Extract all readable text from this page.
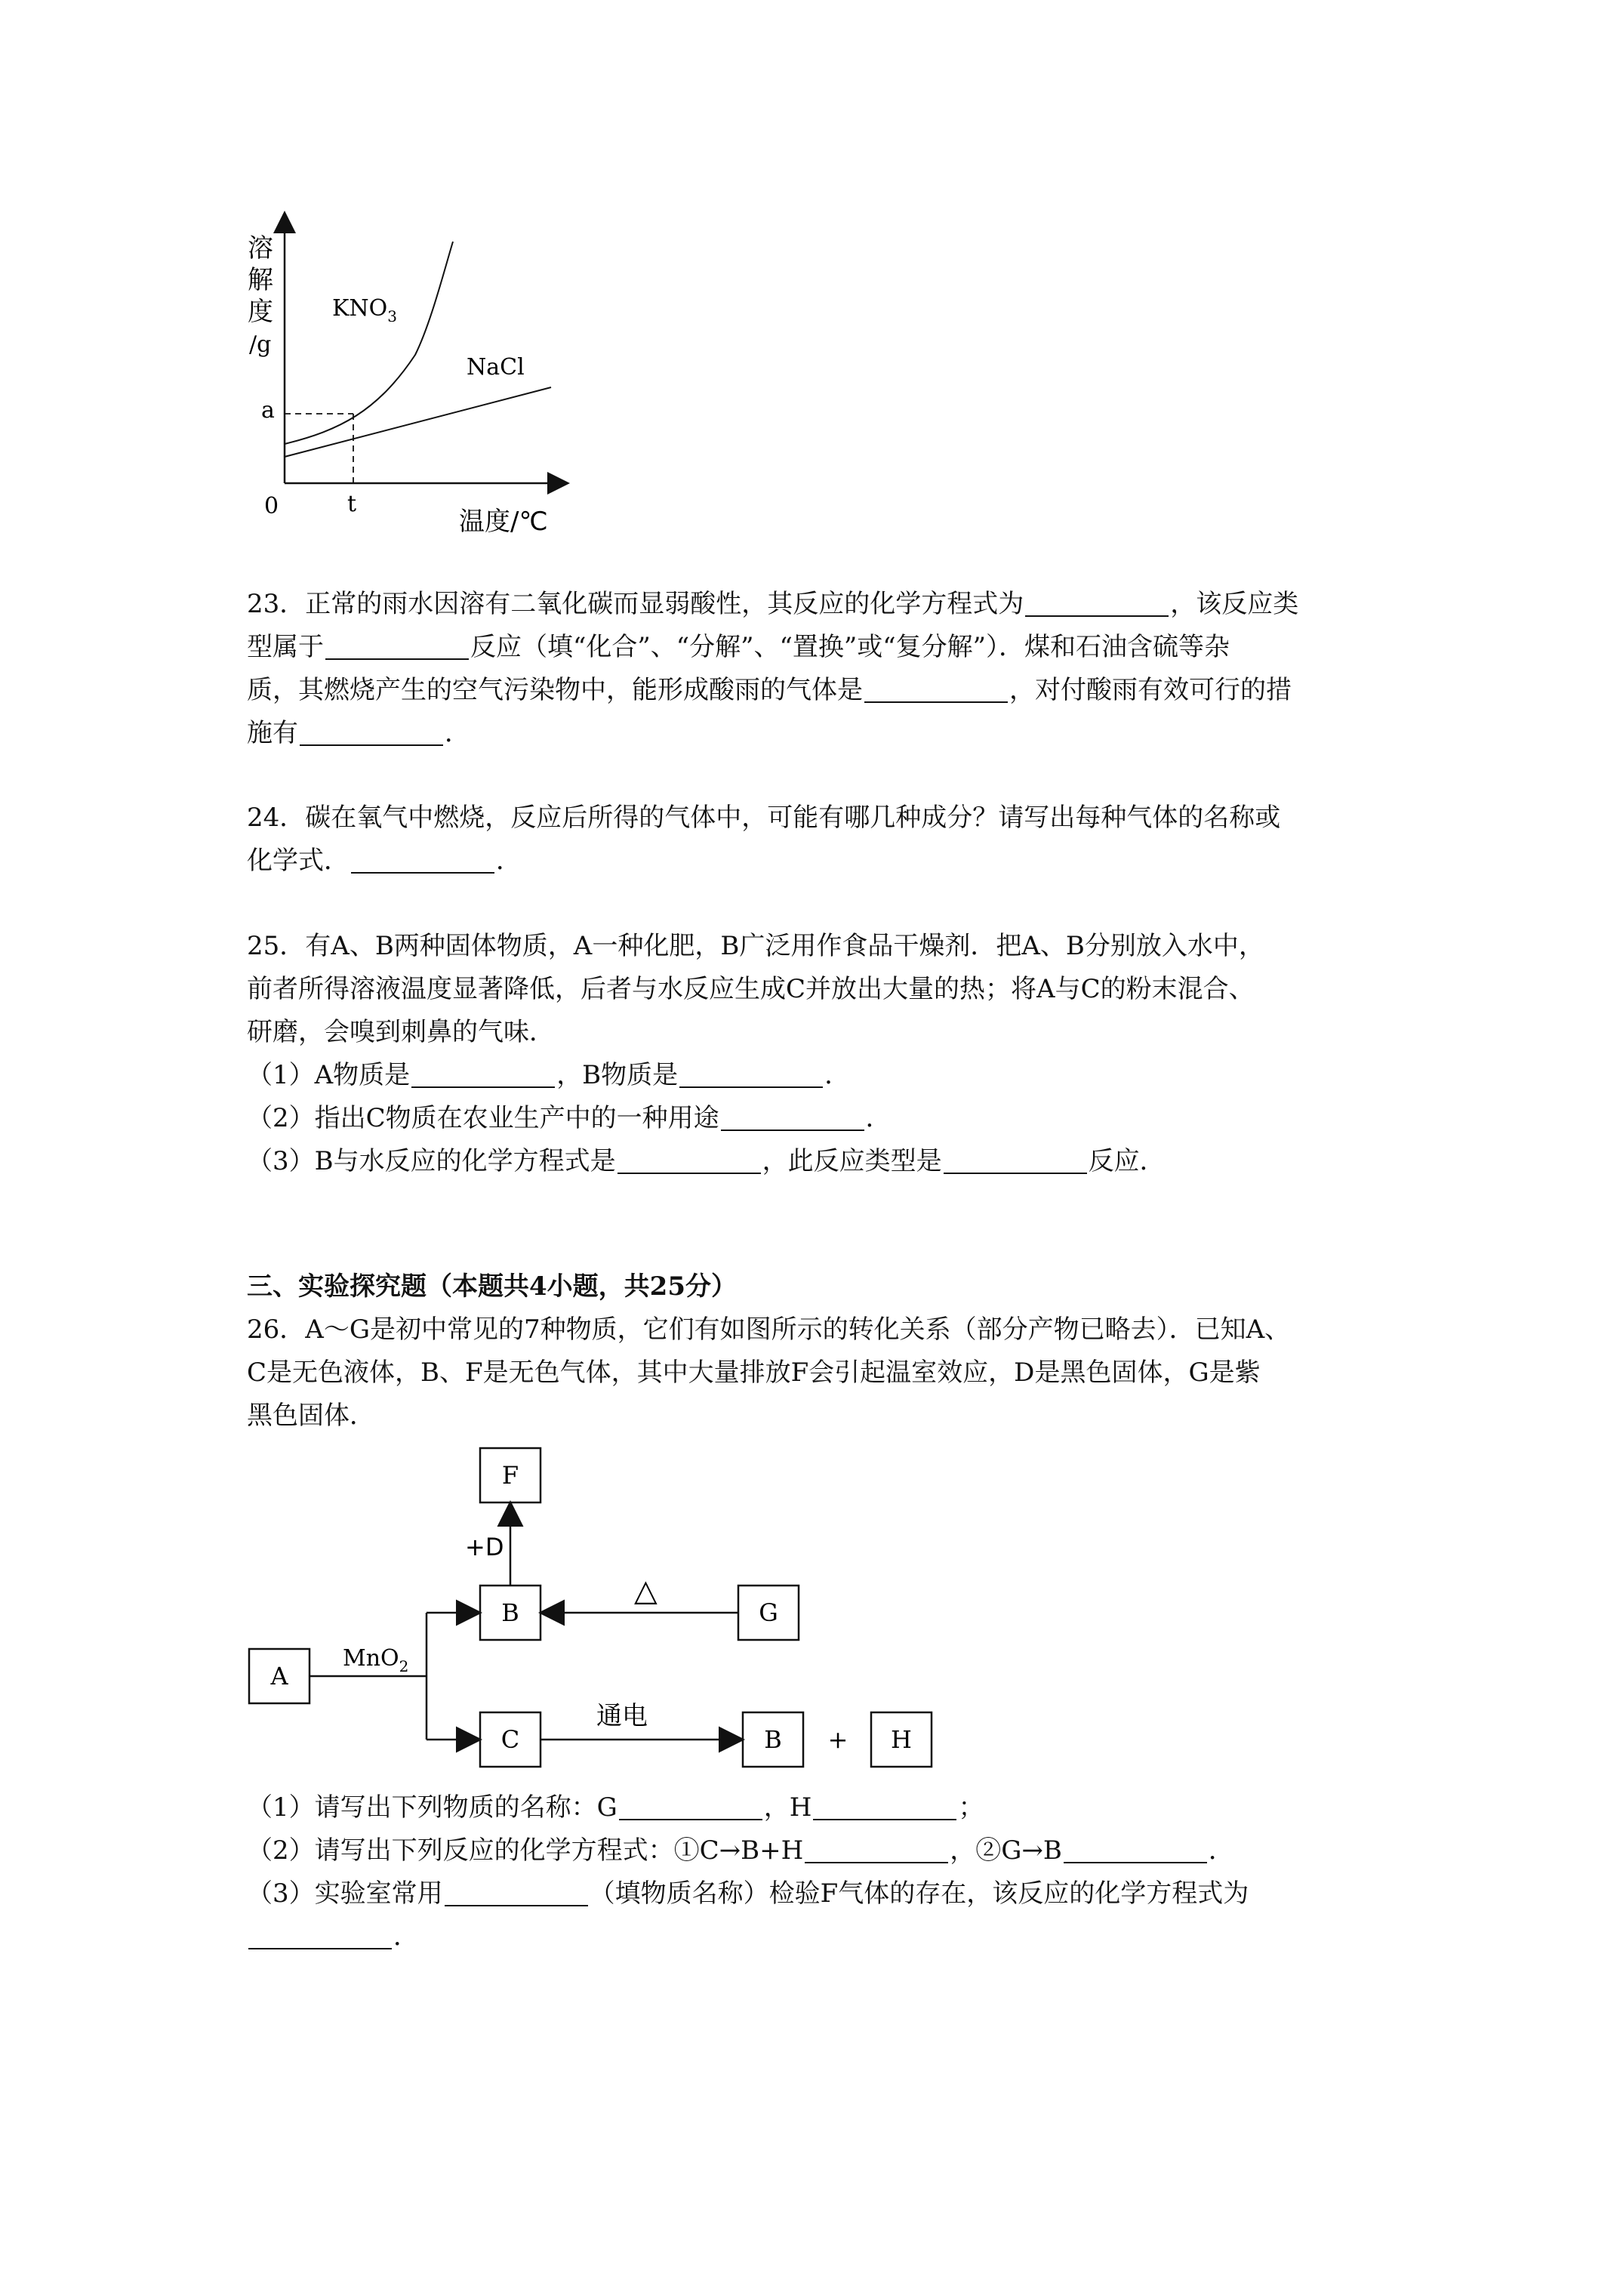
溶
解
度
/g
a
0	t
温度/℃
$KNO_3$
NaCl
23．正常的雨水因溶有二氧化碳而显弱酸性，其反应的化学方程式为	，该反应类
型属于	反应（填“化合”、“分解”、“置换”或“复分解”）．煤和石油含硫等杂
质，其燃烧产生的空气污染物中，能形成酸雨的气体是	，对付酸雨有效可行的措
施有	．
24．碳在氧气中燃烧，反应后所得的气体中，可能有哪几种成分？请写出每种气体的名称或
化学式．	．
25．有A、B两种固体物质，A一种化肥，B广泛用作食品干燥剂．把A、B分别放入水中，
前者所得溶液温度显著降低，后者与水反应生成C并放出大量的热；将A与C的粉末混合、
研磨，会嗅到刺鼻的气味．
（1）A物质是	，B物质是	．
（2）指出C物质在农业生产中的一种用途	．
（3）B与水反应的化学方程式是	，此反应类型是	反应．
三、实验探究题（本题共4小题，共25分）
26．A～G是初中常见的7种物质，它们有如图所示的转化关系（部分产物已略去）．已知A、
C是无色液体，B、F是无色气体，其中大量排放F会引起温室效应，D是黑色固体，G是紫
黑色固体．
F
B	G
A
C	B	H
+
+D
△
MnO$_2$
通电
（1）请写出下列物质的名称：G	，H	；
（2）请写出下列反应的化学方程式：①C→B+H	，②G→B	．
（3）实验室常用	（填物质名称）检验F气体的存在，该反应的化学方程式为
．
